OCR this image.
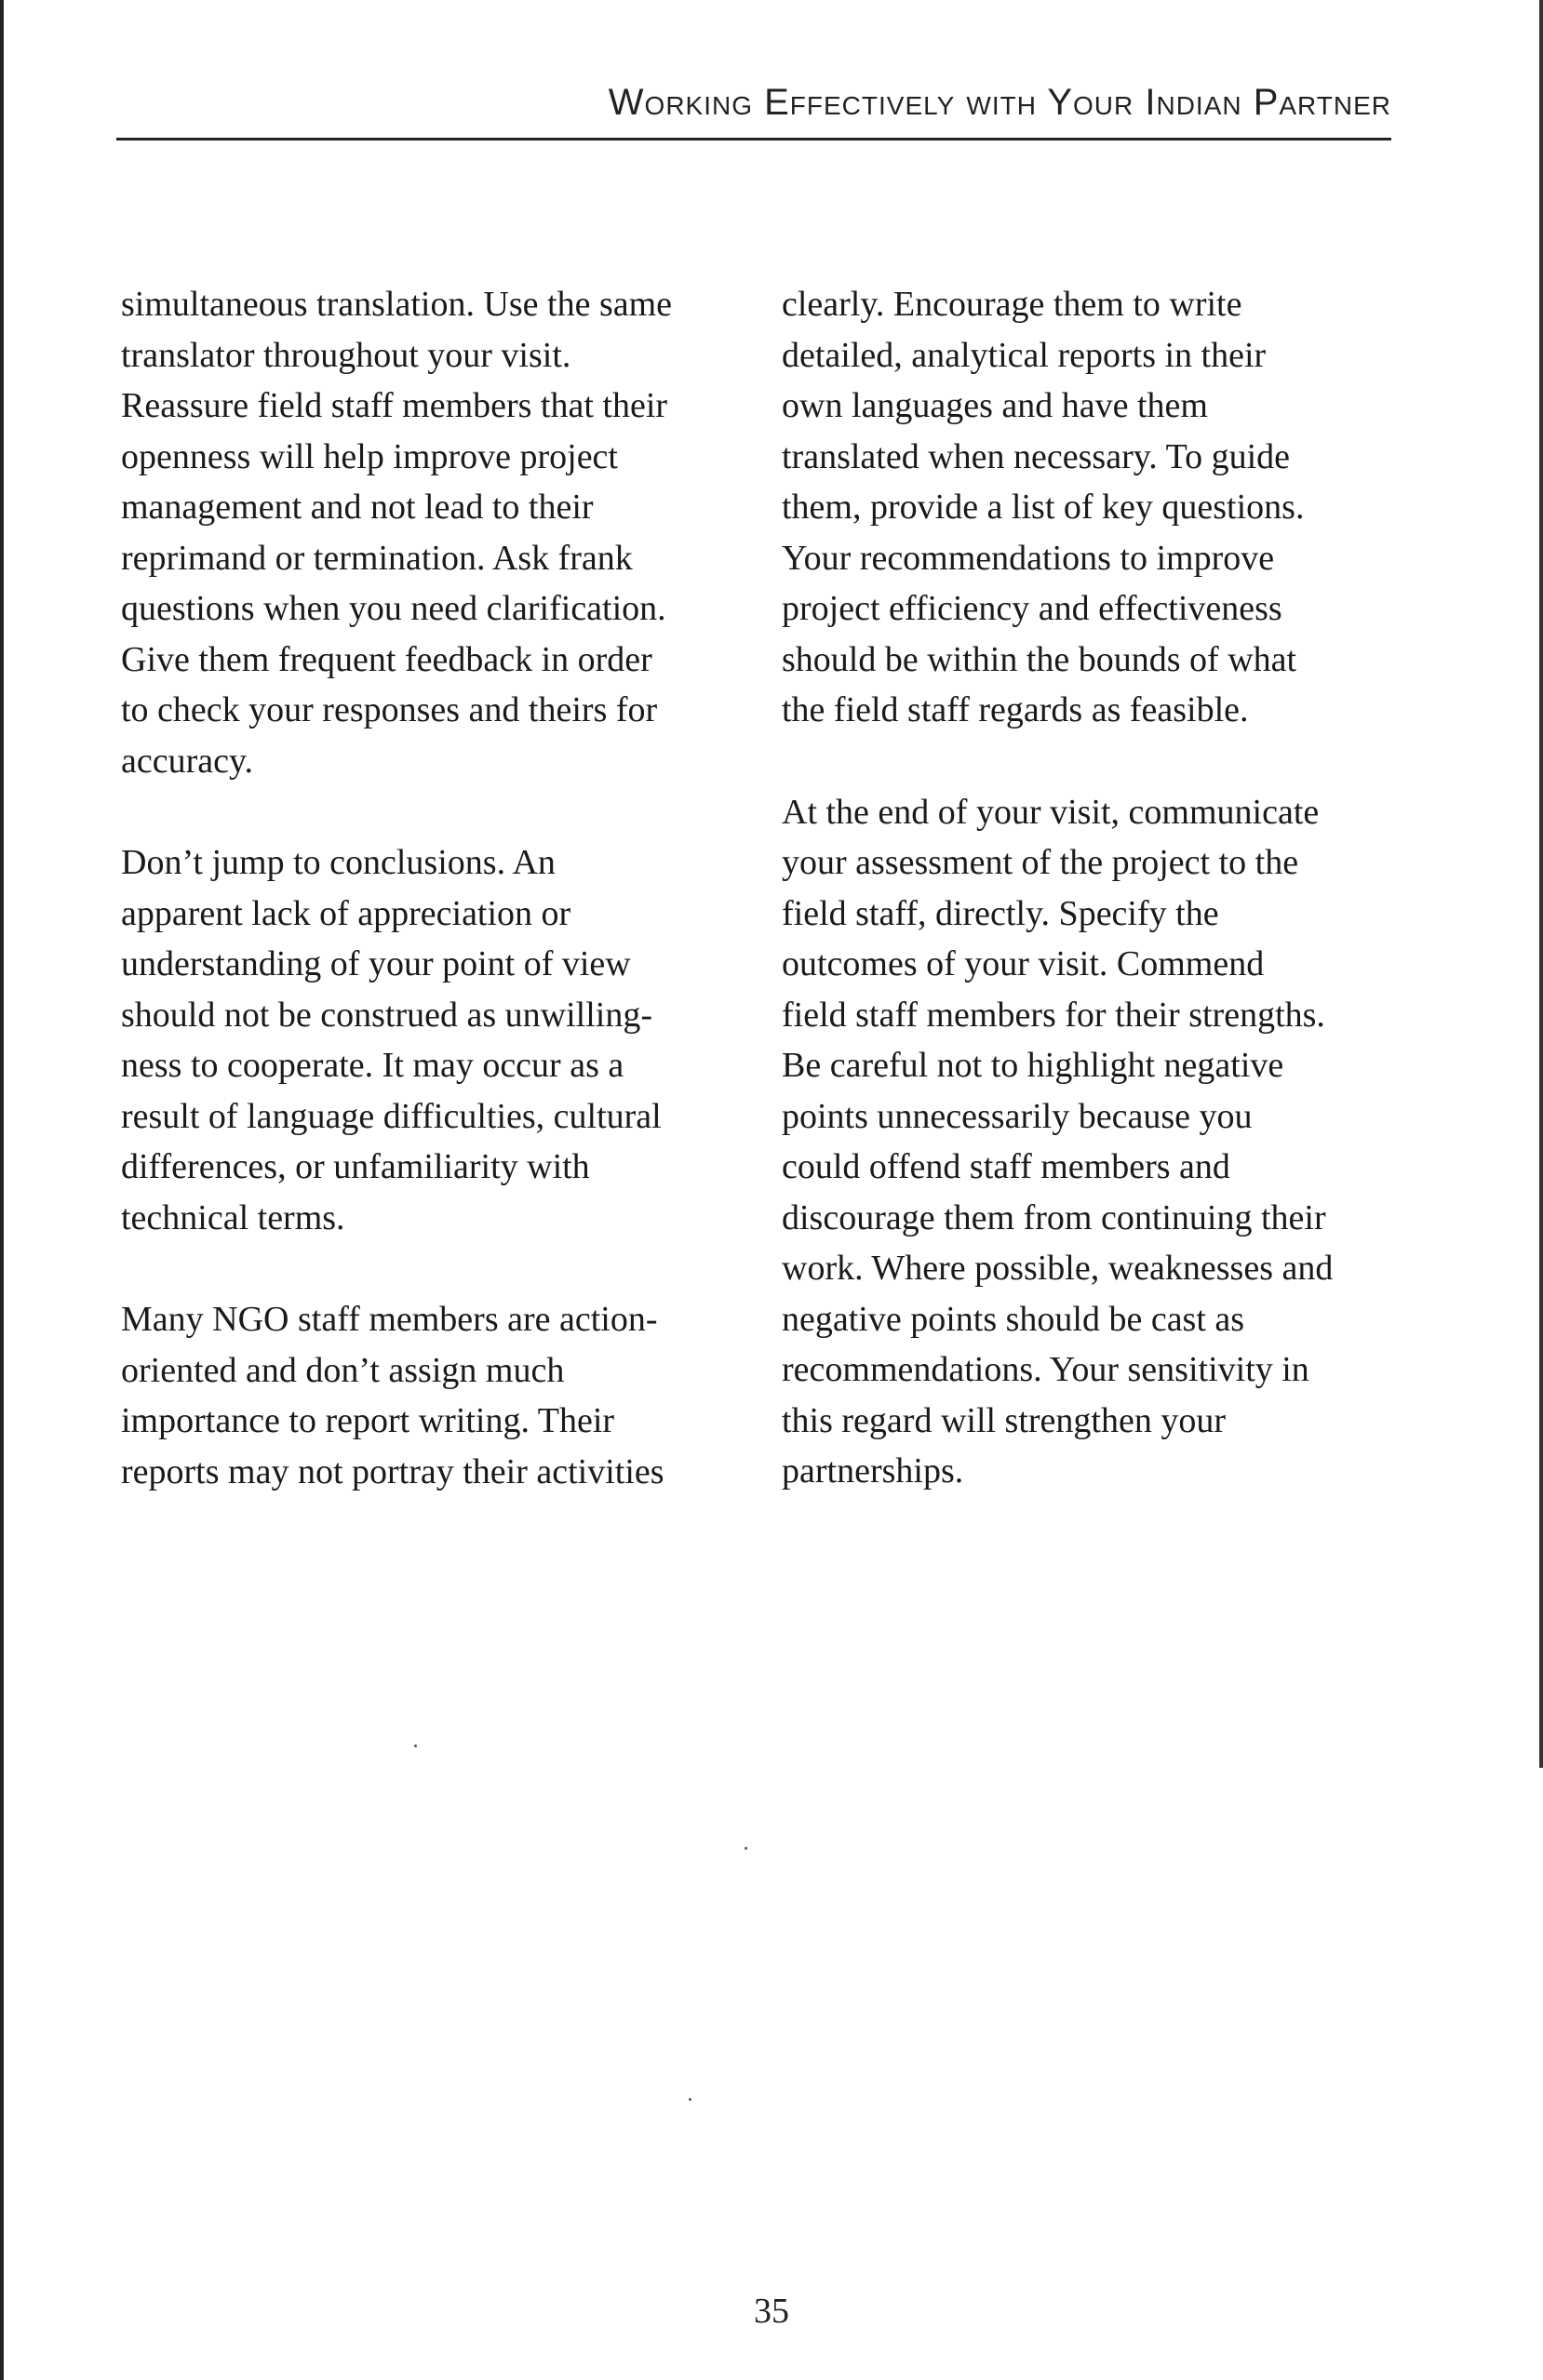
Working Effectively with Your Indian Partner

simultaneous translation. Use the same
translator throughout your visit.
Reassure field staff members that their
openness will help improve project
management and not lead to their
reprimand or termination. Ask frank
questions when you need clarification.
Give them frequent feedback in order
to check your responses and theirs for
accuracy.

Don’t jump to conclusions. An
apparent lack of appreciation or
understanding of your point of view
should not be construed as unwilling-
ness to cooperate. It may occur as a
result of language difficulties, cultural
differences, or unfamiliarity with
technical terms.

Many NGO staff members are action-
oriented and don’t assign much
importance to report writing. Their
reports may not portray their activities

clearly. Encourage them to write
detailed, analytical reports in their
own languages and have them
translated when necessary. To guide
them, provide a list of key questions.
Your recommendations to improve
project efficiency and effectiveness
should be within the bounds of what
the field staff regards as feasible.

At the end of your visit, communicate
your assessment of the project to the
field staff, directly. Specify the
outcomes of your visit. Commend
field staff members for their strengths.
Be careful not to highlight negative
points unnecessarily because you
could offend staff members and
discourage them from continuing their
work. Where possible, weaknesses and
negative points should be cast as
recommendations. Your sensitivity in
this regard will strengthen your
partnerships.

35
